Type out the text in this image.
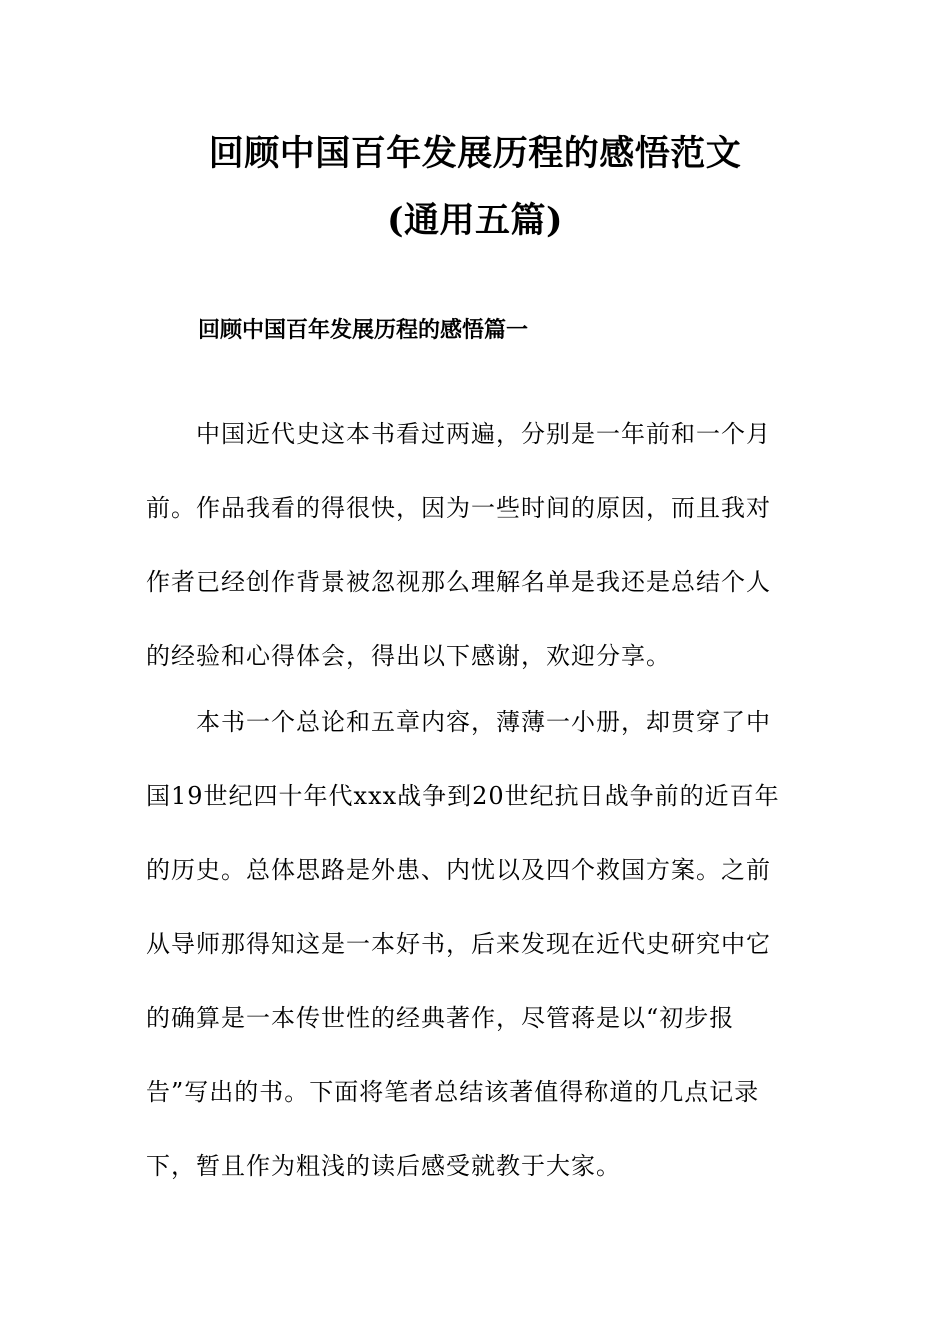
回顾中国百年发展历程的感悟范文
(通用五篇)
回顾中国百年发展历程的感悟篇一
　　中国近代史这本书看过两遍，分别是一年前和一个月
前。作品我看的得很快，因为一些时间的原因，而且我对
作者已经创作背景被忽视那么理解名单是我还是总结个人
的经验和心得体会，得出以下感谢，欢迎分享。
　　本书一个总论和五章内容，薄薄一小册，却贯穿了中
国19世纪四十年代xxx战争到20世纪抗日战争前的近百年
的历史。总体思路是外患、内忧以及四个救国方案。之前
从导师那得知这是一本好书，后来发现在近代史研究中它
的确算是一本传世性的经典著作，尽管蒋是以“初步报
告”写出的书。下面将笔者总结该著值得称道的几点记录
下，暂且作为粗浅的读后感受就教于大家。
